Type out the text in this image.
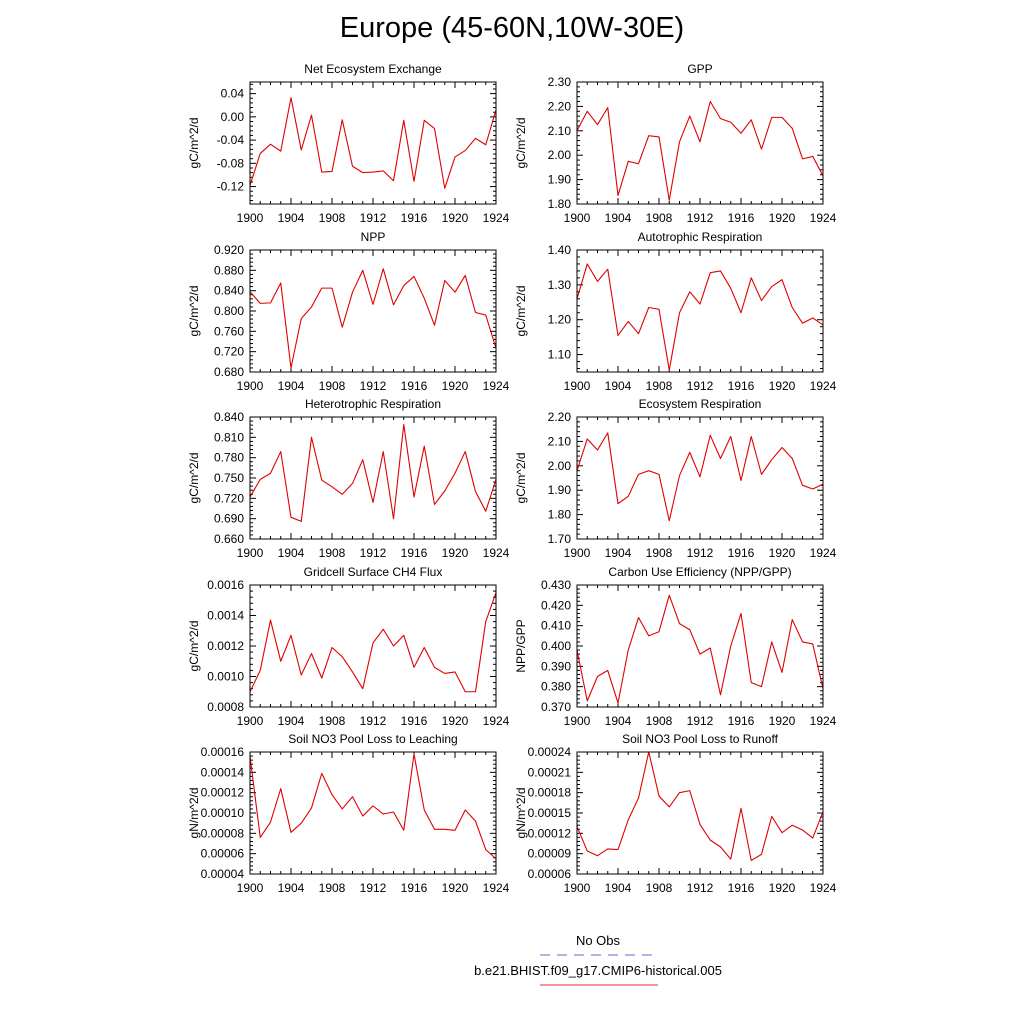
Europe (45-60N,10W-30E)
Net Ecosystem Exchange
gC/m^2/d
0.04
0.00
-0.04
-0.08
-0.12
1900 1904 1908 1912 1916 1920 1924
GPP
gC/m^2/d
2.30
2.20
2.10
2.00
1.90
1.80
1900 1904 1908 1912 1916 1920 1924
NPP
gC/m^2/d
0.920
0.880
0.840
0.800
0.760
0.720
0.680
1900 1904 1908 1912 1916 1920 1924
Autotrophic Respiration
gC/m^2/d
1.40
1.30
1.20
1.10
1900 1904 1908 1912 1916 1920 1924
Heterotrophic Respiration
gC/m^2/d
0.840
0.810
0.780
0.750
0.720
0.690
0.660
1900 1904 1908 1912 1916 1920 1924
Ecosystem Respiration
gC/m^2/d
2.20
2.10
2.00
1.90
1.80
1.70
1900 1904 1908 1912 1916 1920 1924
Gridcell Surface CH4 Flux
gC/m^2/d
0.0016
0.0014
0.0012
0.0010
0.0008
1900 1904 1908 1912 1916 1920 1924
Carbon Use Efficiency (NPP/GPP)
NPP/GPP
0.430
0.420
0.410
0.400
0.390
0.380
0.370
1900 1904 1908 1912 1916 1920 1924
Soil NO3 Pool Loss to Leaching
gN/m^2/d
0.00016
0.00014
0.00012
0.00010
0.00008
0.00006
0.00004
1900 1904 1908 1912 1916 1920 1924
Soil NO3 Pool Loss to Runoff
gN/m^2/d
0.00024
0.00021
0.00018
0.00015
0.00012
0.00009
0.00006
1900 1904 1908 1912 1916 1920 1924
No Obs
b.e21.BHIST.f09_g17.CMIP6-historical.005
